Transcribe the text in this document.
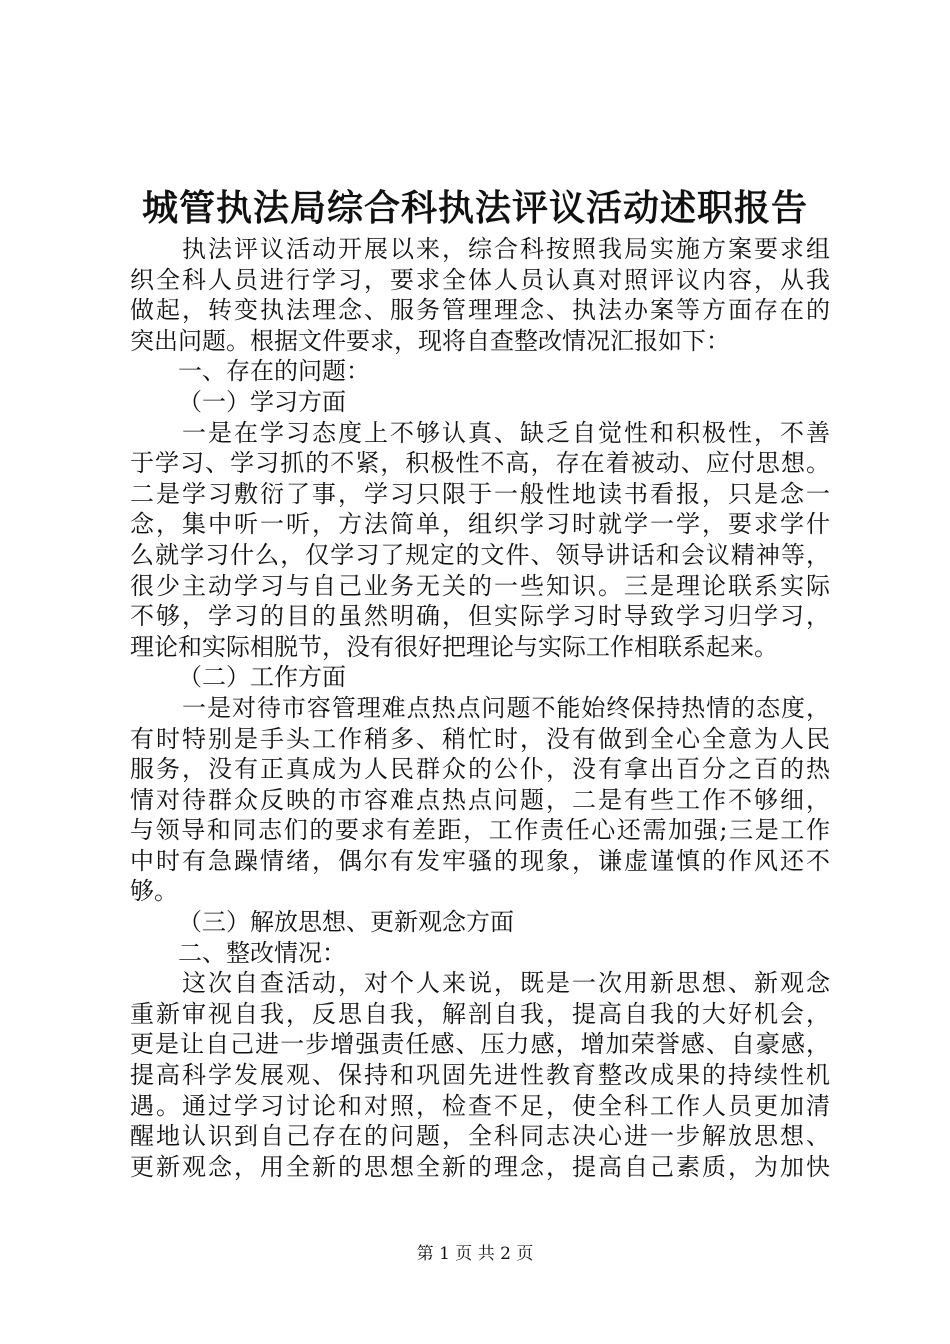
城管执法局综合科执法评议活动述职报告
执法评议活动开展以来，综合科按照我局实施方案要求组
织全科人员进行学习，要求全体人员认真对照评议内容，从我
做起，转变执法理念、服务管理理念、执法办案等方面存在的
突出问题。根据文件要求，现将自查整改情况汇报如下：
一、存在的问题：
（一）学习方面
一是在学习态度上不够认真、缺乏自觉性和积极性，不善
于学习、学习抓的不紧，积极性不高，存在着被动、应付思想。
二是学习敷衍了事，学习只限于一般性地读书看报，只是念一
念，集中听一听，方法简单，组织学习时就学一学，要求学什
么就学习什么，仅学习了规定的文件、领导讲话和会议精神等，
很少主动学习与自己业务无关的一些知识。三是理论联系实际
不够，学习的目的虽然明确，但实际学习时导致学习归学习，
理论和实际相脱节，没有很好把理论与实际工作相联系起来。
（二）工作方面
一是对待市容管理难点热点问题不能始终保持热情的态度，
有时特别是手头工作稍多、稍忙时，没有做到全心全意为人民
服务，没有正真成为人民群众的公仆，没有拿出百分之百的热
情对待群众反映的市容难点热点问题，二是有些工作不够细，
与领导和同志们的要求有差距，工作责任心还需加强;三是工作
中时有急躁情绪，偶尔有发牢骚的现象，谦虚谨慎的作风还不
够。
（三）解放思想、更新观念方面
二、整改情况：
这次自查活动，对个人来说，既是一次用新思想、新观念
重新审视自我，反思自我，解剖自我，提高自我的大好机会，
更是让自己进一步增强责任感、压力感，增加荣誉感、自豪感，
提高科学发展观、保持和巩固先进性教育整改成果的持续性机
遇。通过学习讨论和对照，检查不足，使全科工作人员更加清
醒地认识到自己存在的问题，全科同志决心进一步解放思想、
更新观念，用全新的思想全新的理念，提高自己素质，为加快
第 1 页 共 2 页
